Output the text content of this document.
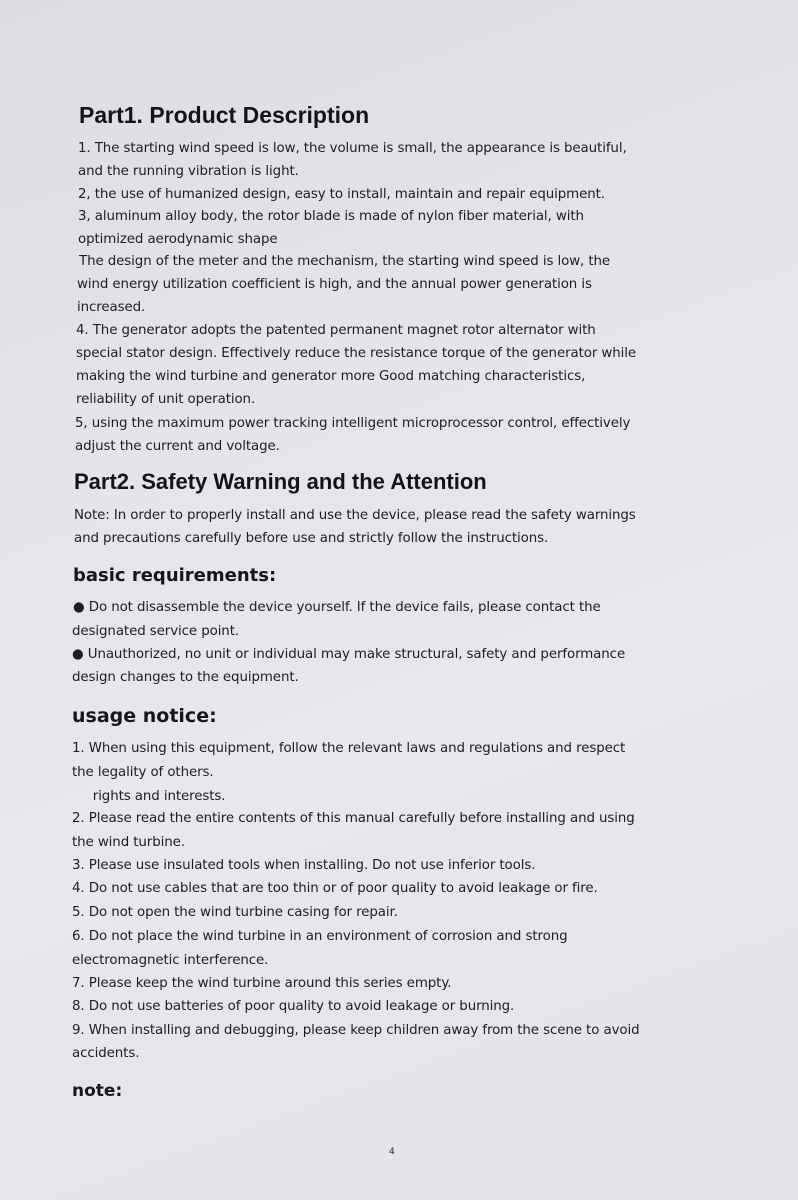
Part1. Product Description
1. The starting wind speed is low, the volume is small, the appearance is beautiful,
and the running vibration is light.
2, the use of humanized design, easy to install, maintain and repair equipment.
3, aluminum alloy body, the rotor blade is made of nylon fiber material, with
optimized aerodynamic shape
The design of the meter and the mechanism, the starting wind speed is low, the
wind energy utilization coefficient is high, and the annual power generation is
increased.
4. The generator adopts the patented permanent magnet rotor alternator with
special stator design. Effectively reduce the resistance torque of the generator while
making the wind turbine and generator more Good matching characteristics,
reliability of unit operation.
5, using the maximum power tracking intelligent microprocessor control, effectively
adjust the current and voltage.
Part2. Safety Warning and the Attention
Note: In order to properly install and use the device, please read the safety warnings
and precautions carefully before use and strictly follow the instructions.
basic requirements:
● Do not disassemble the device yourself. If the device fails, please contact the
designated service point.
● Unauthorized, no unit or individual may make structural, safety and performance
design changes to the equipment.
usage notice:
1. When using this equipment, follow the relevant laws and regulations and respect
the legality of others.
rights and interests.
2. Please read the entire contents of this manual carefully before installing and using
the wind turbine.
3. Please use insulated tools when installing. Do not use inferior tools.
4. Do not use cables that are too thin or of poor quality to avoid leakage or fire.
5. Do not open the wind turbine casing for repair.
6. Do not place the wind turbine in an environment of corrosion and strong
electromagnetic interference.
7. Please keep the wind turbine around this series empty.
8. Do not use batteries of poor quality to avoid leakage or burning.
9. When installing and debugging, please keep children away from the scene to avoid
accidents.
note:
4
